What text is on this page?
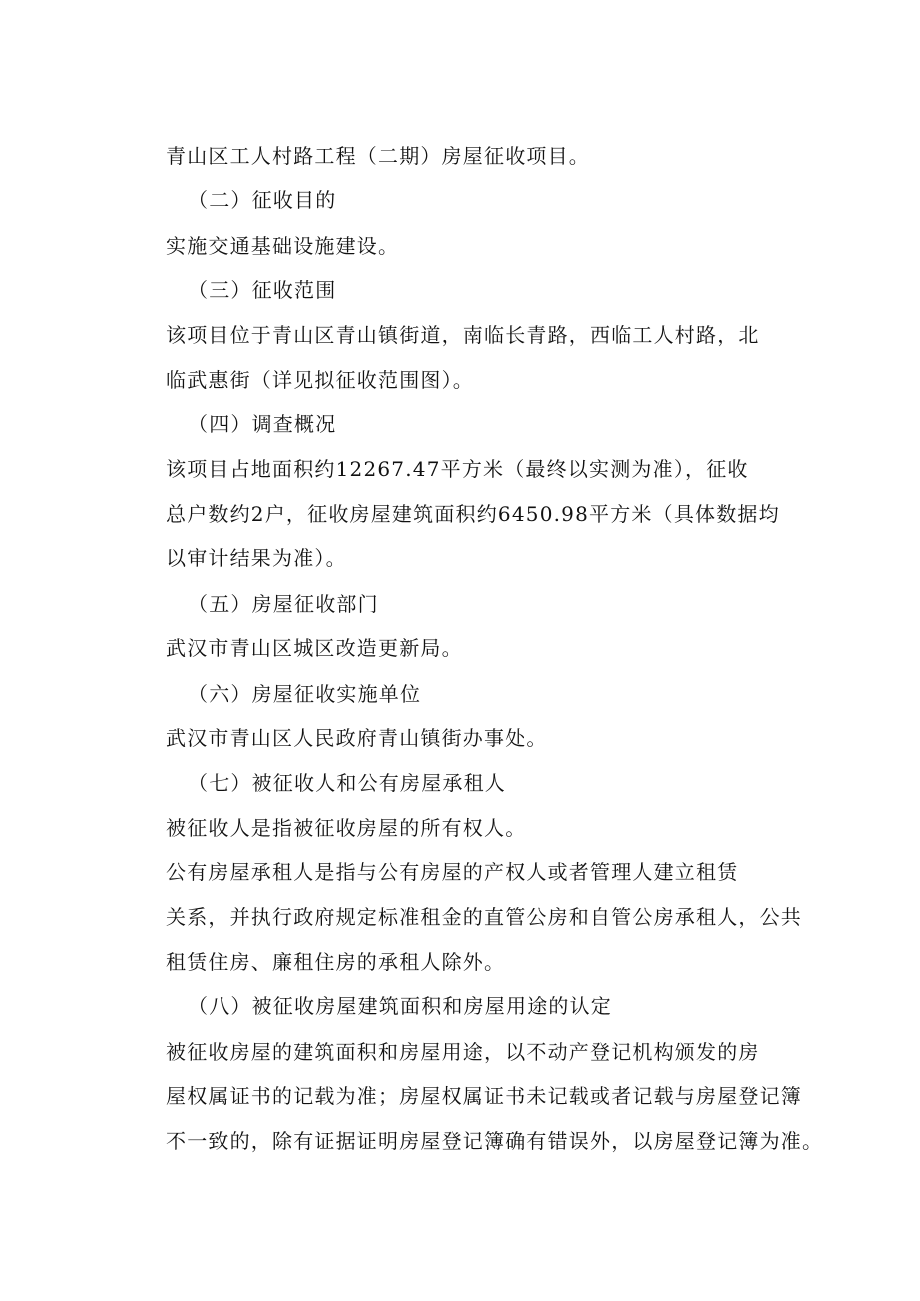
青山区工人村路工程（二期）房屋征收项目。
（二）征收目的
实施交通基础设施建设。
（三）征收范围
该项目位于青山区青山镇街道，南临长青路，西临工人村路，北
临武惠街（详见拟征收范围图）。
（四）调查概况
该项目占地面积约12267.47平方米（最终以实测为准），征收
总户数约2户，征收房屋建筑面积约6450.98平方米（具体数据均
以审计结果为准）。
（五）房屋征收部门
武汉市青山区城区改造更新局。
（六）房屋征收实施单位
武汉市青山区人民政府青山镇街办事处。
（七）被征收人和公有房屋承租人
被征收人是指被征收房屋的所有权人。
公有房屋承租人是指与公有房屋的产权人或者管理人建立租赁
关系，并执行政府规定标准租金的直管公房和自管公房承租人，公共
租赁住房、廉租住房的承租人除外。
（八）被征收房屋建筑面积和房屋用途的认定
被征收房屋的建筑面积和房屋用途，以不动产登记机构颁发的房
屋权属证书的记载为准；房屋权属证书未记载或者记载与房屋登记簿
不一致的，除有证据证明房屋登记簿确有错误外，以房屋登记簿为准。
